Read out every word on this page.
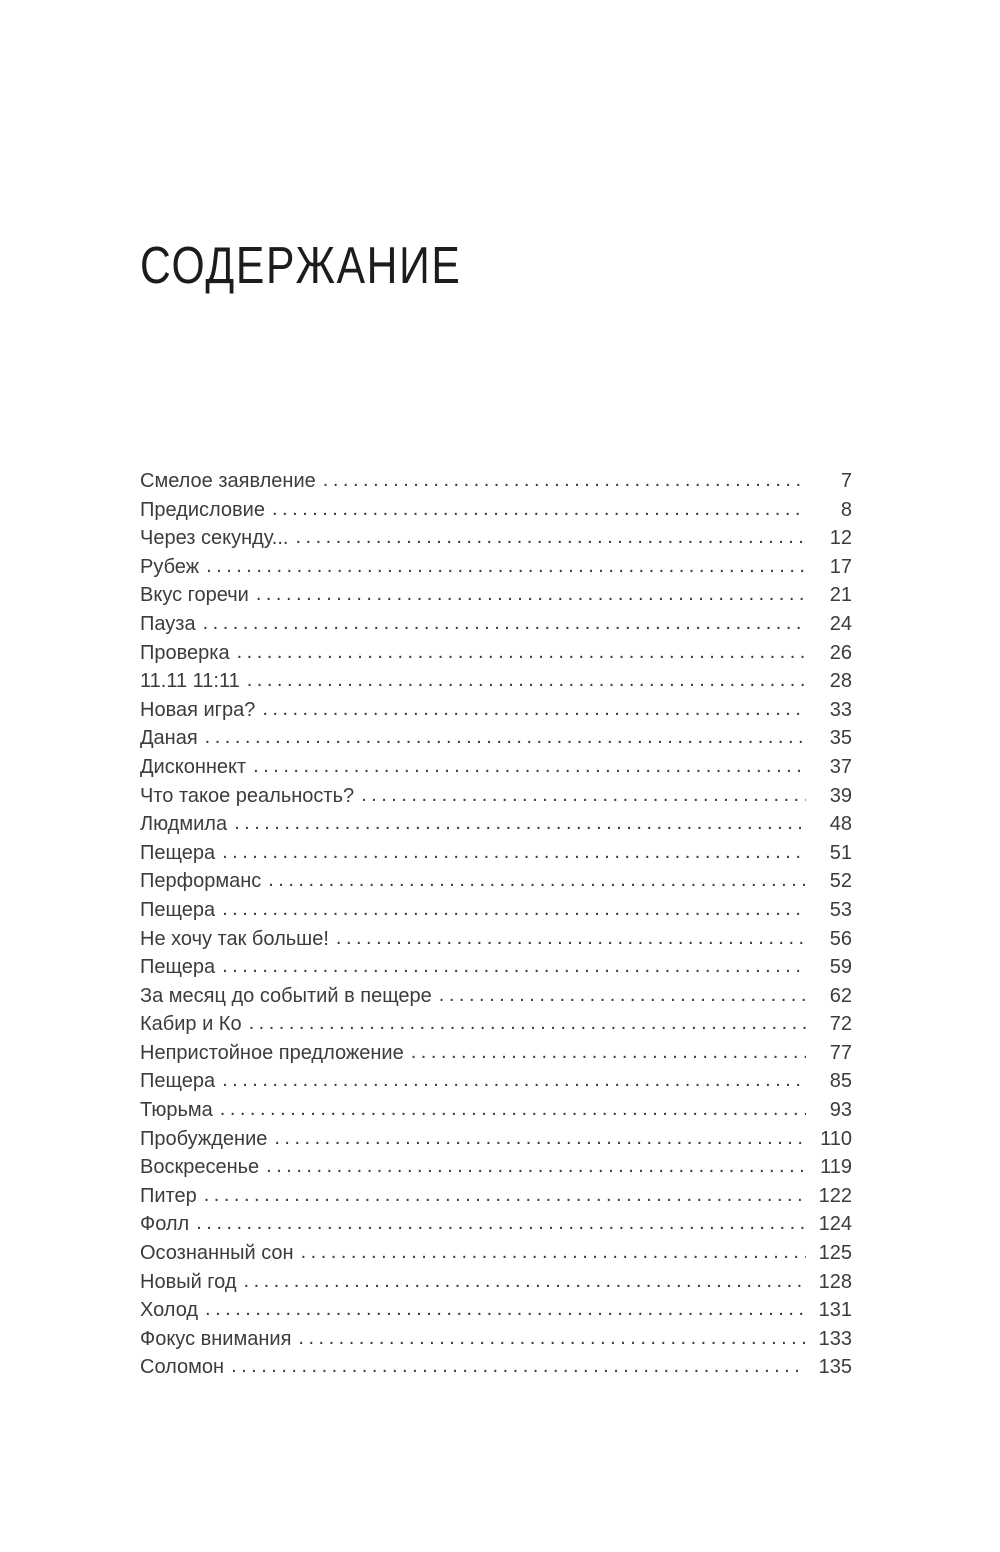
СОДЕРЖАНИЕ
Смелое заявление .....	7
Предисловие .....	8
Через секунду... .....	12
Рубеж .....	17
Вкус горечи .....	21
Пауза .....	24
Проверка .....	26
11.11 11:11 .....	28
Новая игра? .....	33
Даная .....	35
Дисконнект .....	37
Что такое реальность? .....	39
Людмила .....	48
Пещера .....	51
Перформанс .....	52
Пещера .....	53
Не хочу так больше! .....	56
Пещера .....	59
За месяц до событий в пещере .....	62
Кабир и Ко .....	72
Непристойное предложение .....	77
Пещера .....	85
Тюрьма .....	93
Пробуждение .....	110
Воскресенье .....	119
Питер .....	122
Фолл .....	124
Осознанный сон .....	125
Новый год .....	128
Холод .....	131
Фокус внимания .....	133
Соломон .....	135
